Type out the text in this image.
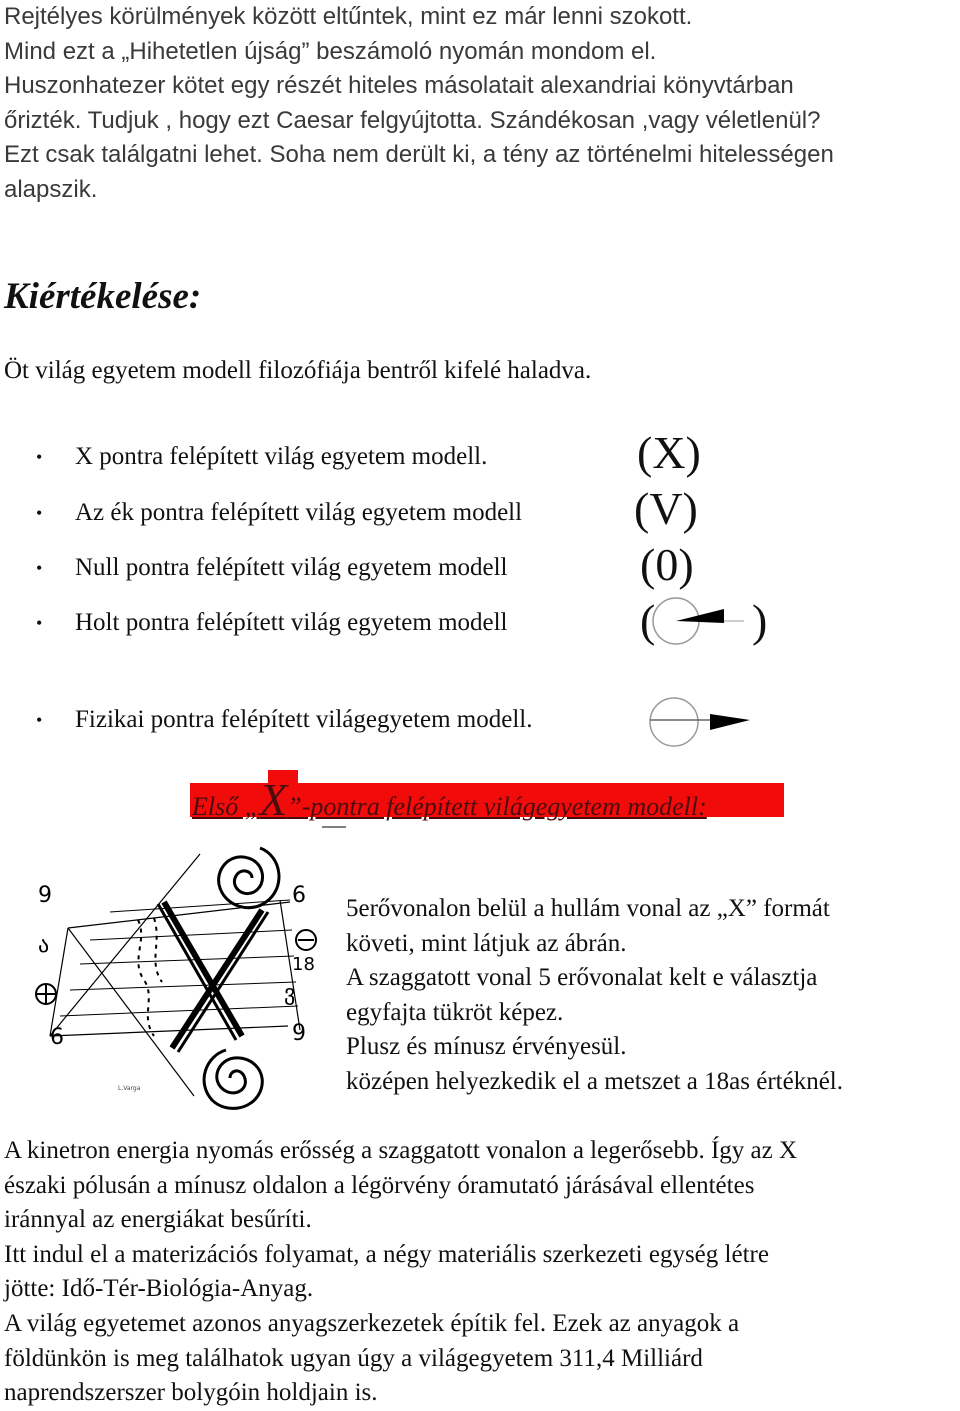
Rejtélyes körülmények között eltűntek, mint ez már lenni szokott.
Mind ezt a „Hihetetlen újság” beszámoló nyomán mondom el.
Huszonhatezer kötet egy részét hiteles másolatait alexandriai könyvtárban
őrizték. Tudjuk , hogy ezt Caesar felgyújtotta. Szándékosan ,vagy véletlenül?
Ezt csak találgatni lehet. Soha nem derült ki, a tény az történelmi hitelességen
alapszik.
Kiértékelése:
Öt világ egyetem modell filozófiája bentről kifelé haladva.
•	X pontra felépített világ egyetem modell.	(X)
•	Az ék pontra felépített világ egyetem modell (V)
•	Null pontra felépített világ egyetem modell	(0)
•	Holt pontra felépített világ egyetem modell	( )
•	Fizikai pontra felépített világegyetem modell.
Első „X”-pontra felépített világegyetem modell:
9
ა
6
6
18
ვ
9
L.Varga
5erővonalon belül a hullám vonal az „X” formát
követi, mint látjuk az ábrán.
A szaggatott vonal 5 erővonalat kelt e választja
egyfajta tükröt képez.
Plusz és mínusz érvényesül.
középen helyezkedik el a metszet a 18as értéknél.
A kinetron energia nyomás erősség a szaggatott vonalon a legerősebb. Így az X
északi pólusán a mínusz oldalon a légörvény óramutató járásával ellentétes
iránnyal az energiákat besűríti.
Itt indul el a materizációs folyamat, a négy materiális szerkezeti egység létre
jötte: Idő-Tér-Biológia-Anyag.
A világ egyetemet azonos anyagszerkezetek építik fel. Ezek az anyagok a
földünkön is meg találhatok ugyan úgy a világegyetem 311,4 Milliárd
naprendszerszer bolygóin holdjain is.
